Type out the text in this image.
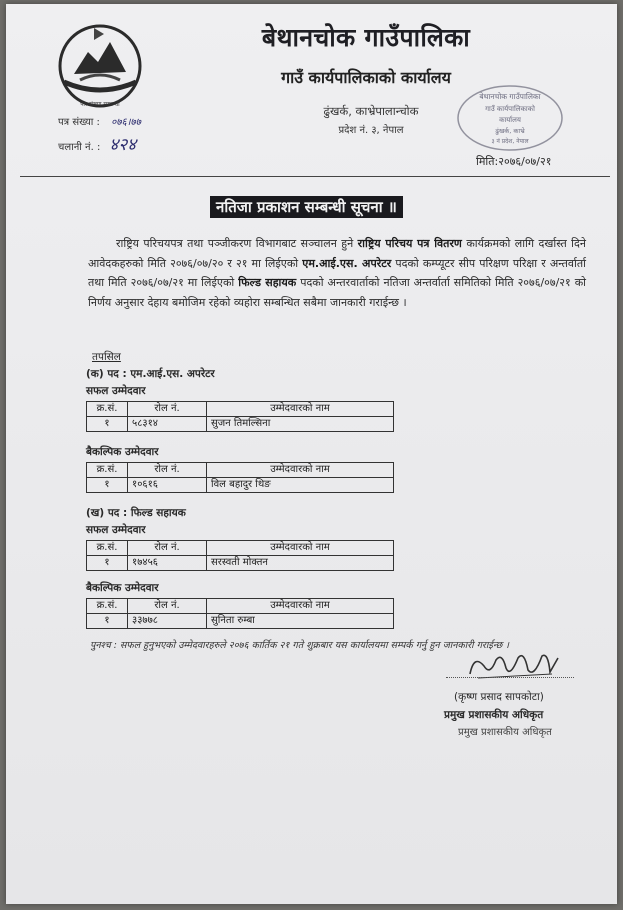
पत्र संख्या सम्बन्धी
बेथानचोक गाउँपालिका
गाउँ कार्यपालिकाको कार्यालय
ढुंखर्क, काभ्रेपालान्चोक
प्रदेश नं. ३, नेपाल
पत्र संख्या : ०७६।७७
चलानी नं. : ४२४
बेथानचोक गाउँपालिका
गाउँ कार्यपालिकाको
कार्यालय
ढुंखर्क, काभ्रे
३ नं प्रदेश, नेपाल
मिति:२०७६/०७/२१
नतिजा प्रकाशन सम्बन्धी सूचना ॥
राष्ट्रिय परिचयपत्र तथा पञ्जीकरण विभागबाट सञ्चालन हुने राष्ट्रिय परिचय पत्र वितरण कार्यक्रमको लागि दर्खास्त दिने आवेदकहरुको मिति २०७६/०७/२० र २१ मा लिईएको एम.आई.एस. अपरेटर पदको कम्प्यूटर सीप परिक्षण परिक्षा र अन्तर्वार्ता तथा मिति २०७६/०७/२१ मा लिईएको फिल्ड सहायक पदको अन्तरवार्ताको नतिजा अन्तर्वार्ता समितिको मिति २०७६/०७/२१ को निर्णय अनुसार देहाय बमोजिम रहेको व्यहोरा सम्बन्धित सबैमा जानकारी गराईन्छ ।
तपसिल
(क) पद : एम.आई.एस. अपरेटर
सफल उम्मेदवार
क्र.सं.	रोल नं.	उम्मेदवारको नाम
१	५८३१४	सुजन तिमल्सिना
बैकल्पिक उम्मेदवार
क्र.सं.	रोल नं.	उम्मेदवारको नाम
१	१०६१६	विल बहादुर थिङ
(ख) पद : फिल्ड सहायक
सफल उम्मेदवार
क्र.सं.	रोल नं.	उम्मेदवारको नाम
१	१७४५६	सरस्वती मोक्तन
बैकल्पिक उम्मेदवार
क्र.सं.	रोल नं.	उम्मेदवारको नाम
१	३३७७८	सुनिता रुम्बा
पुनश्च : सफल हुनुभएको उम्मेदवारहरुले २०७६ कार्तिक २१ गते शुक्रबार यस कार्यालयमा सम्पर्क गर्नु हुन जानकारी गराईन्छ ।
(कृष्ण प्रसाद सापकोटा)
प्रमुख प्रशासकीय अधिकृत
प्रमुख प्रशासकीय अधिकृत
